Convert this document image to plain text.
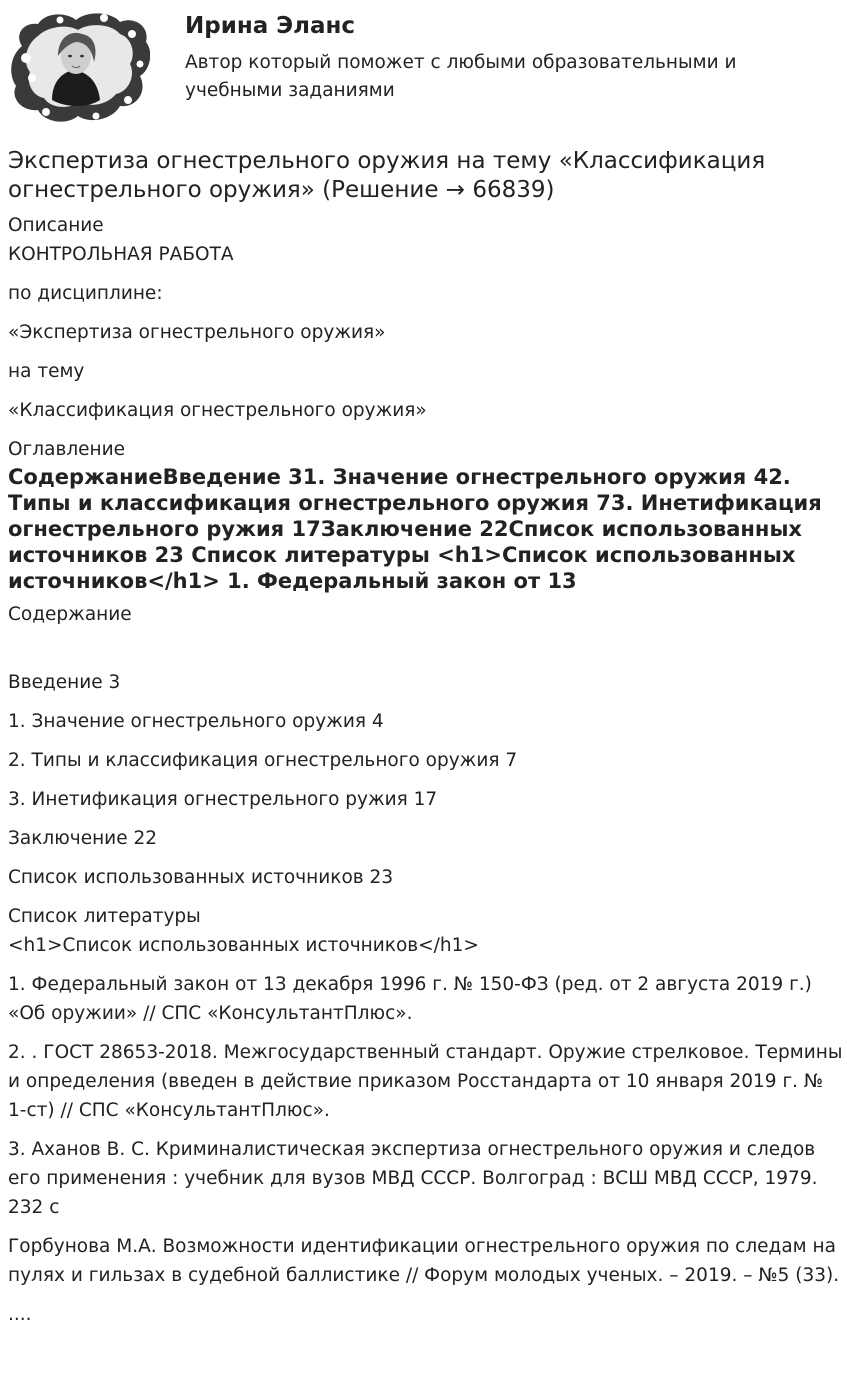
Ирина Эланс
Автор который поможет с любыми образовательными и учебными заданиями
Экспертиза огнестрельного оружия на тему «Классификация огнестрельного оружия» (Решение → 66839)
Описание

КОНТРОЛЬНАЯ РАБОТА

по дисциплине:

«Экспертиза огнестрельного оружия»

на тему

«Классификация огнестрельного оружия»

Оглавление

СодержаниеВведение 31. Значение огнестрельного оружия 42. Типы и классификация огнестрельного оружия 73. Инетификация огнестрельного ружия 17Заключение 22Список использованных источников 23 Список литературы <h1>Список использованных источников</h1> 1. Федеральный закон от 13

Содержание

Введение 3

1. Значение огнестрельного оружия 4

2. Типы и классификация огнестрельного оружия 7

3. Инетификация огнестрельного ружия 17

Заключение 22

Список использованных источников 23

Список литературы

<h1>Список использованных источников</h1>

1. Федеральный закон от 13 декабря 1996 г. № 150-ФЗ (ред. от 2 августа 2019 г.) «Об оружии» // СПС «КонсультантПлюс».

2. . ГОСТ 28653-2018. Межгосударственный стандарт. Оружие стрелковое. Термины и определения (введен в действие приказом Росстандарта от 10 января 2019 г. № 1-ст) // СПС «КонсультантПлюс».

3. Аханов В. С. Криминалистическая экспертиза огнестрельного оружия и следов его применения : учебник для вузов МВД СССР. Волгоград : ВСШ МВД СССР, 1979. 232 с

Горбунова М.А. Возможности идентификации огнестрельного оружия по следам на пулях и гильзах в судебной баллистике // Форум молодых ученых. – 2019. – №5 (33).

....
